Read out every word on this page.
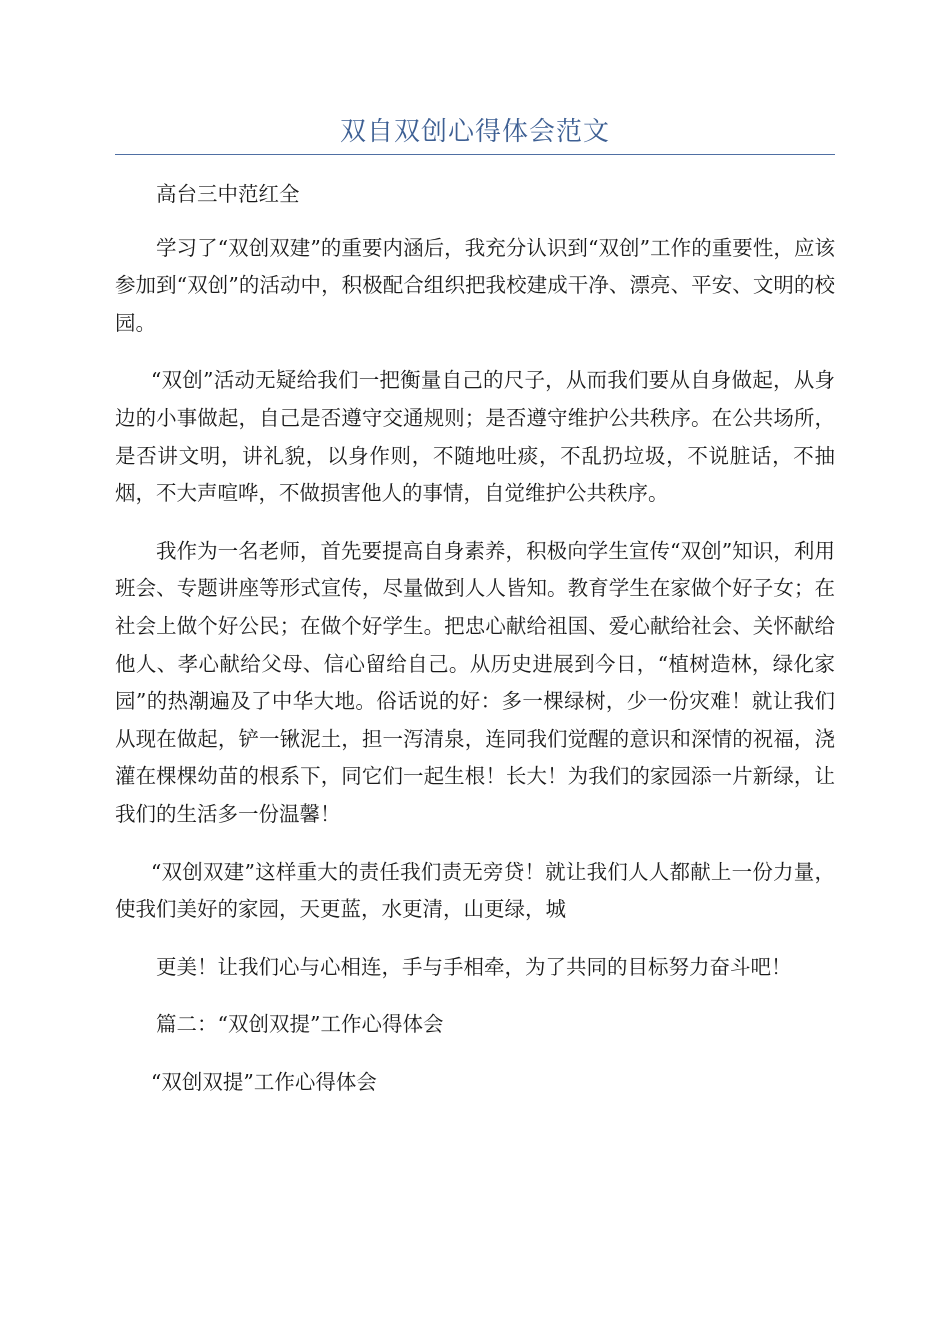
双自双创心得体会范文

高台三中范红全

学习了“双创双建”的重要内涵后，我充分认识到“双创”工作的重要性，应该参加到“双创”的活动中，积极配合组织把我校建成干净、漂亮、平安、文明的校园。

“双创”活动无疑给我们一把衡量自己的尺子，从而我们要从自身做起，从身边的小事做起，自己是否遵守交通规则；是否遵守维护公共秩序。在公共场所，是否讲文明，讲礼貌，以身作则，不随地吐痰，不乱扔垃圾，不说脏话，不抽烟，不大声喧哗，不做损害他人的事情，自觉维护公共秩序。

我作为一名老师，首先要提高自身素养，积极向学生宣传“双创”知识，利用班会、专题讲座等形式宣传，尽量做到人人皆知。教育学生在家做个好子女；在社会上做个好公民；在做个好学生。把忠心献给祖国、爱心献给社会、关怀献给他人、孝心献给父母、信心留给自己。从历史进展到今日，“植树造林，绿化家园”的热潮遍及了中华大地。俗话说的好：多一棵绿树，少一份灾难！就让我们从现在做起，铲一锹泥土，担一泻清泉，连同我们觉醒的意识和深情的祝福，浇灌在棵棵幼苗的根系下，同它们一起生根！长大！为我们的家园添一片新绿，让我们的生活多一份温馨！

“双创双建”这样重大的责任我们责无旁贷！就让我们人人都献上一份力量，使我们美好的家园，天更蓝，水更清，山更绿，城

更美！让我们心与心相连，手与手相牵，为了共同的目标努力奋斗吧！

篇二：“双创双提”工作心得体会

“双创双提”工作心得体会
